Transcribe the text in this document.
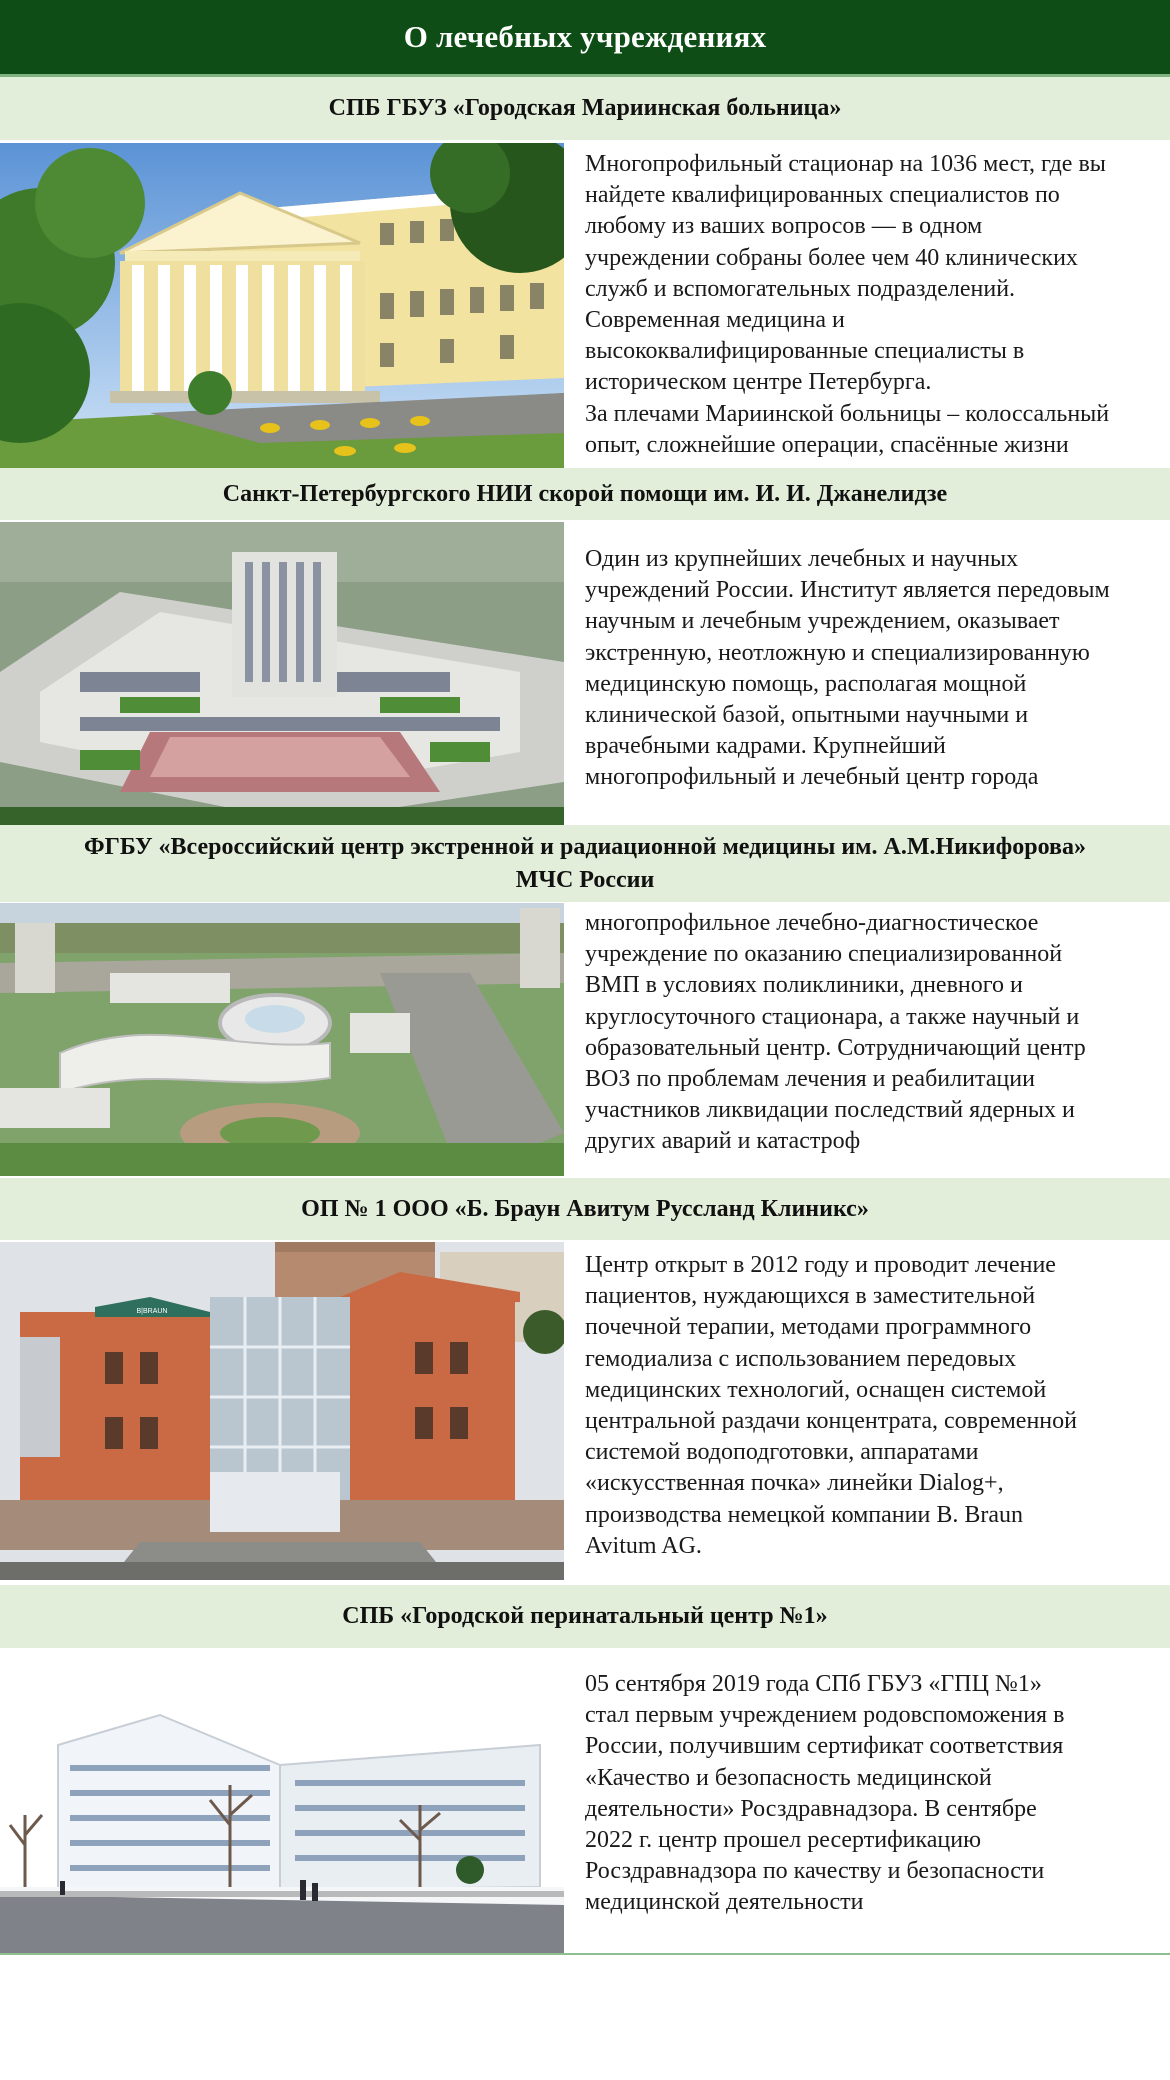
О лечебных учреждениях
СПБ ГБУЗ «Городская Мариинская больница»
Многопрофильный стационар на 1036 мест, где вы
найдете квалифицированных специалистов по
любому из ваших вопросов — в одном
учреждении собраны более чем 40 клинических
служб и вспомогательных подразделений.
Современная медицина и
высококвалифицированные специалисты в
историческом центре Петербурга.
За плечами Мариинской больницы – колоссальный
опыт, сложнейшие операции, спасённые жизни
Санкт-Петербургского НИИ скорой помощи им. И. И. Джанелидзе
Один из крупнейших лечебных и научных
учреждений России. Институт является передовым
научным и лечебным учреждением, оказывает
экстренную, неотложную и специализированную
медицинскую помощь, располагая мощной
клинической базой, опытными научными и
врачебными кадрами. Крупнейший
многопрофильный и лечебный центр города
ФГБУ «Всероссийский центр экстренной и радиационной медицины им. А.М.Никифорова»
МЧС России
многопрофильное лечебно-диагностическое
учреждение по оказанию специализированной
ВМП в условиях поликлиники, дневного и
круглосуточного стационара, а также научный и
образовательный центр. Сотрудничающий центр
ВОЗ по проблемам лечения и реабилитации
участников ликвидации последствий ядерных и
других аварий и катастроф
ОП № 1 ООО «Б. Браун Авитум Руссланд Клиникс»
B|BRAUN
Центр открыт в 2012 году и проводит лечение
пациентов, нуждающихся в заместительной
почечной терапии, методами программного
гемодиализа с использованием передовых
медицинских технологий, оснащен системой
центральной раздачи концентрата, современной
системой водоподготовки, аппаратами
«искусственная почка» линейки Dialog+,
производства немецкой компании B. Braun
Avitum AG.
СПБ «Городской перинатальный центр №1»
05 сентября 2019 года СПб ГБУЗ «ГПЦ №1»
стал первым учреждением родовспоможения в
России, получившим сертификат соответствия
«Качество и безопасность медицинской
деятельности» Росздравнадзора. В сентябре
2022 г. центр прошел ресертификацию
Росздравнадзора по качеству и безопасности
медицинской деятельности
